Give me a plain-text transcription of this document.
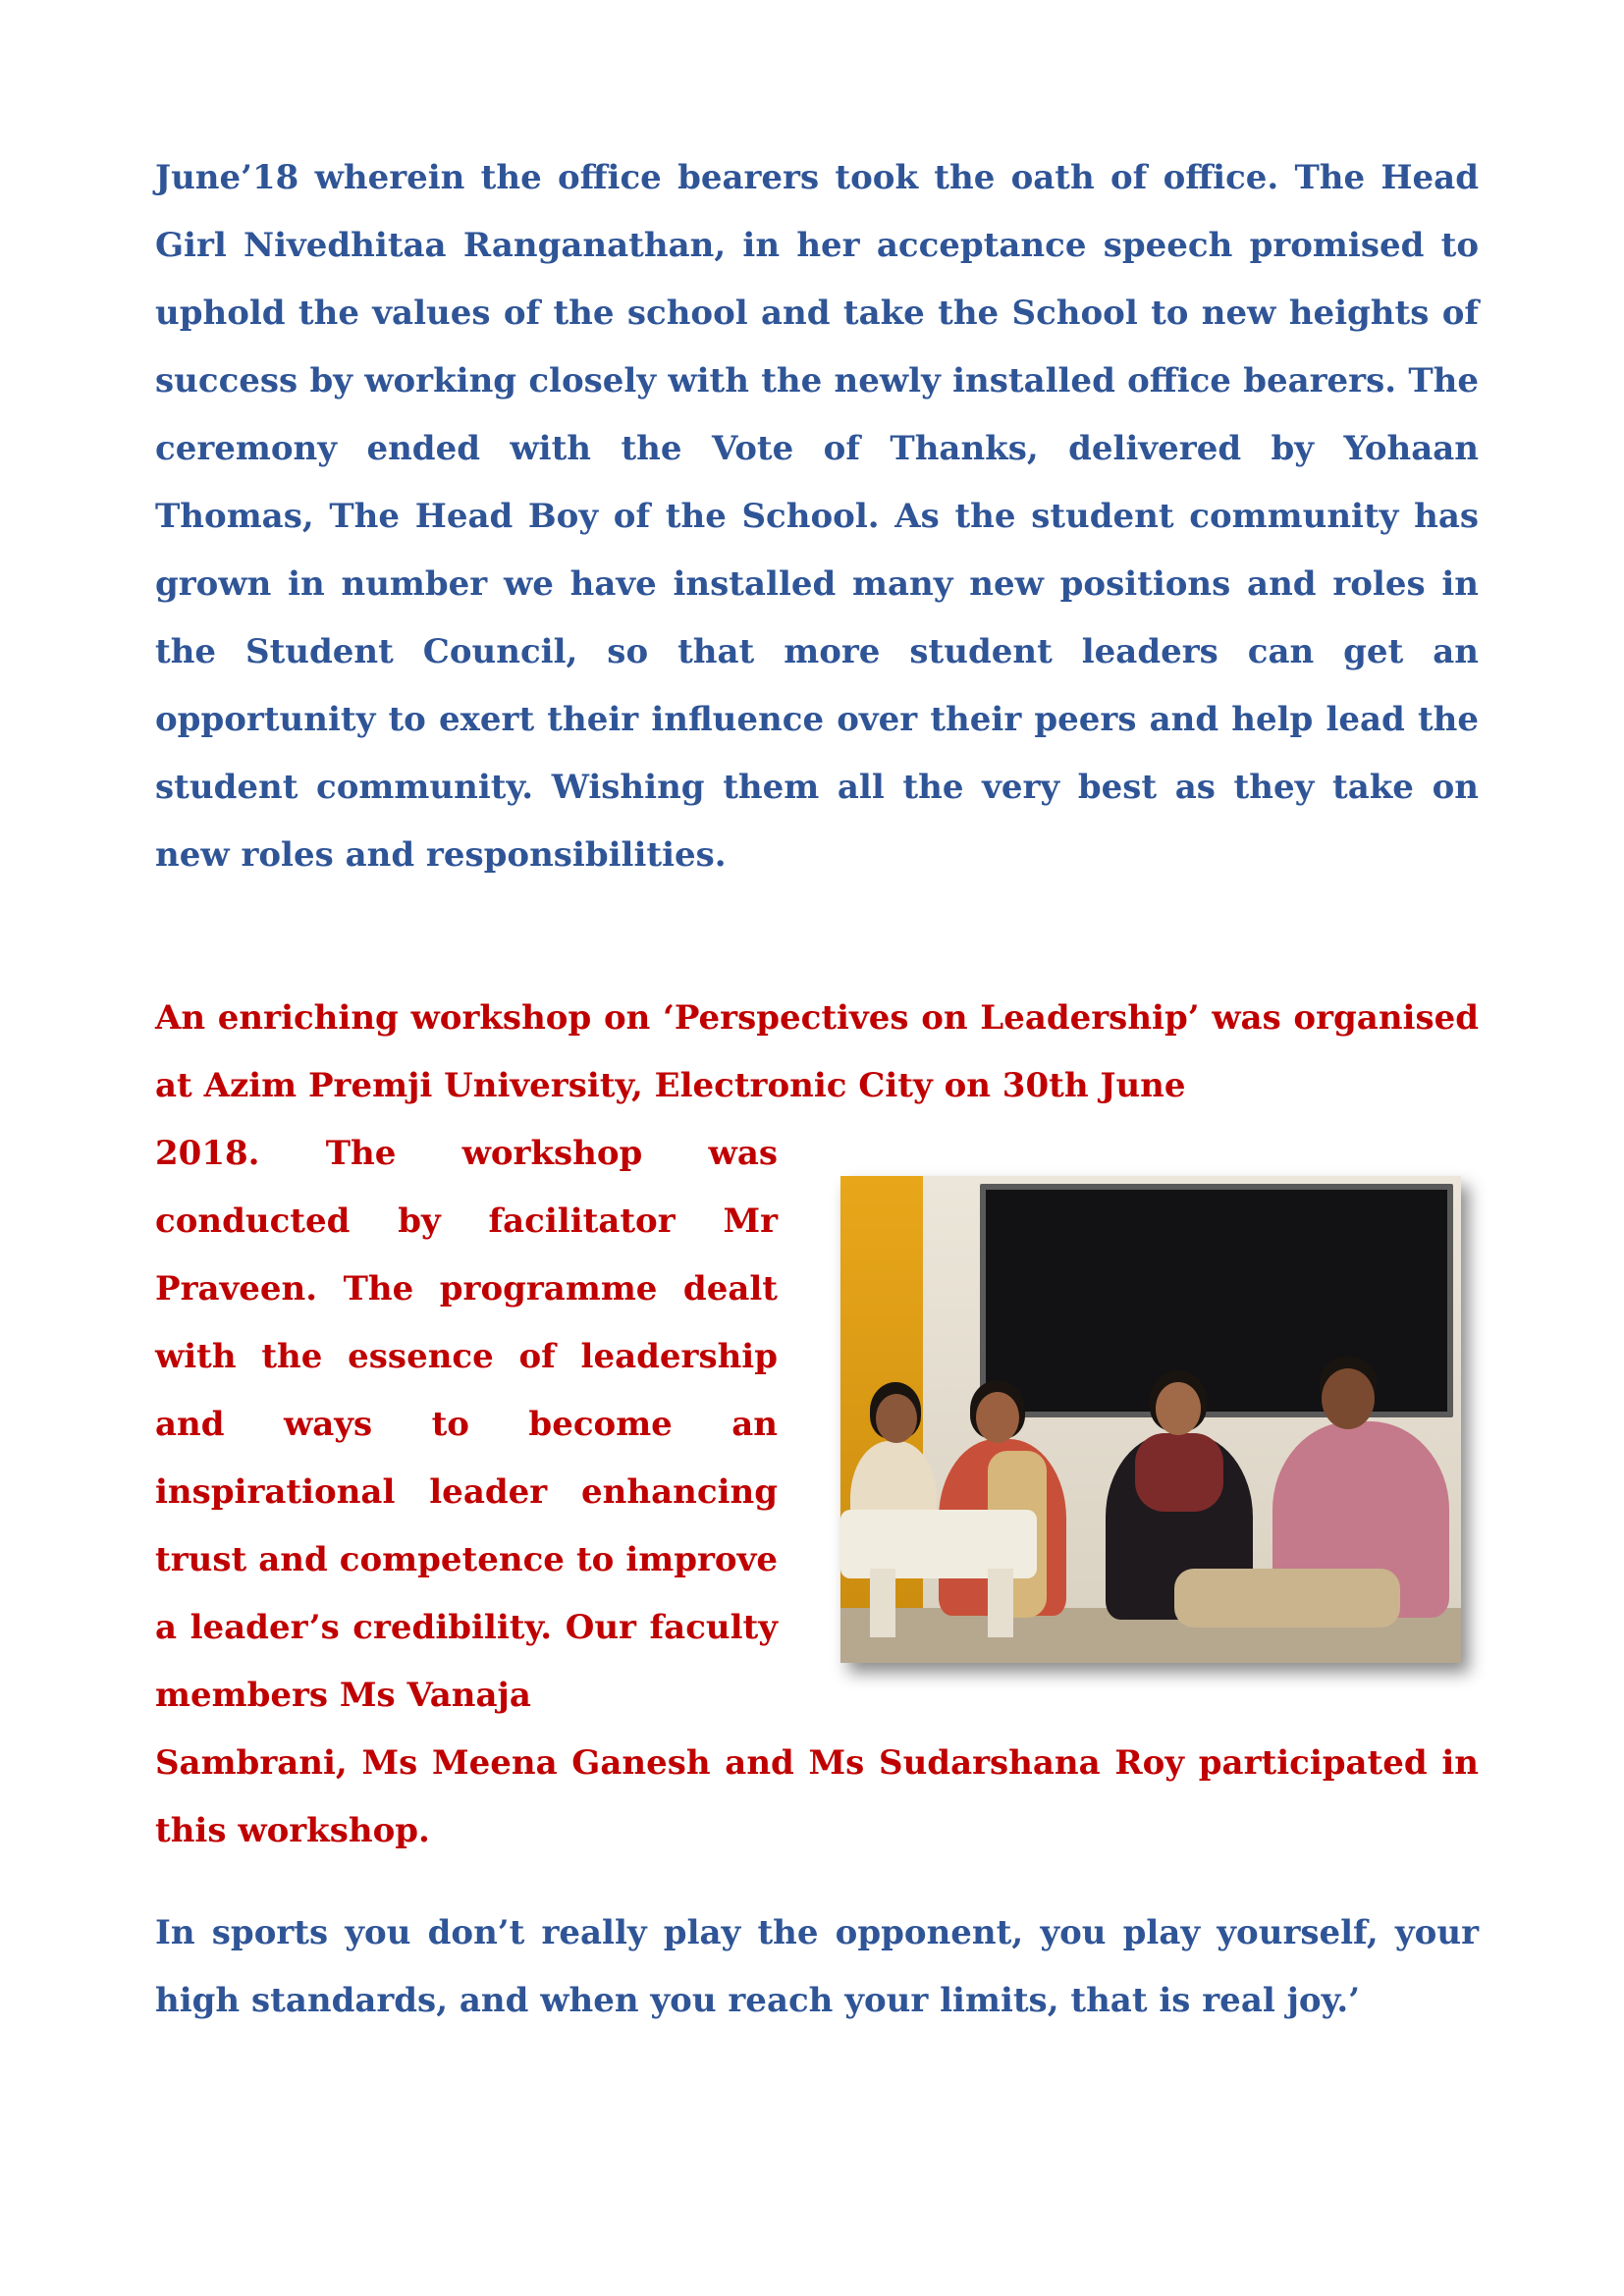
June’18 wherein the office bearers took the oath of office. The Head Girl Nivedhitaa Ranganathan, in her acceptance speech promised to uphold the values of the school and take the School to new heights of success by working closely with the newly installed office bearers. The ceremony ended with the Vote of Thanks, delivered by Yohaan Thomas, The Head Boy of the School. As the student community has grown in number we have installed many new positions and roles in the Student Council, so that more student leaders can get an opportunity to exert their influence over their peers and help lead the student community. Wishing them all the very best as they take on new roles and responsibilities.

An enriching workshop on ‘Perspectives on Leadership’ was organised at Azim Premji University, Electronic City on 30th June

2018. The workshop was conducted by facilitator Mr Praveen. The programme dealt with the essence of leadership and ways to become an inspirational leader enhancing trust and competence to improve a leader’s credibility. Our faculty members Ms Vanaja

Sambrani, Ms Meena Ganesh and Ms Sudarshana Roy participated in this workshop.

In sports you don’t really play the opponent, you play yourself, your high standards, and when you reach your limits, that is real joy.’
